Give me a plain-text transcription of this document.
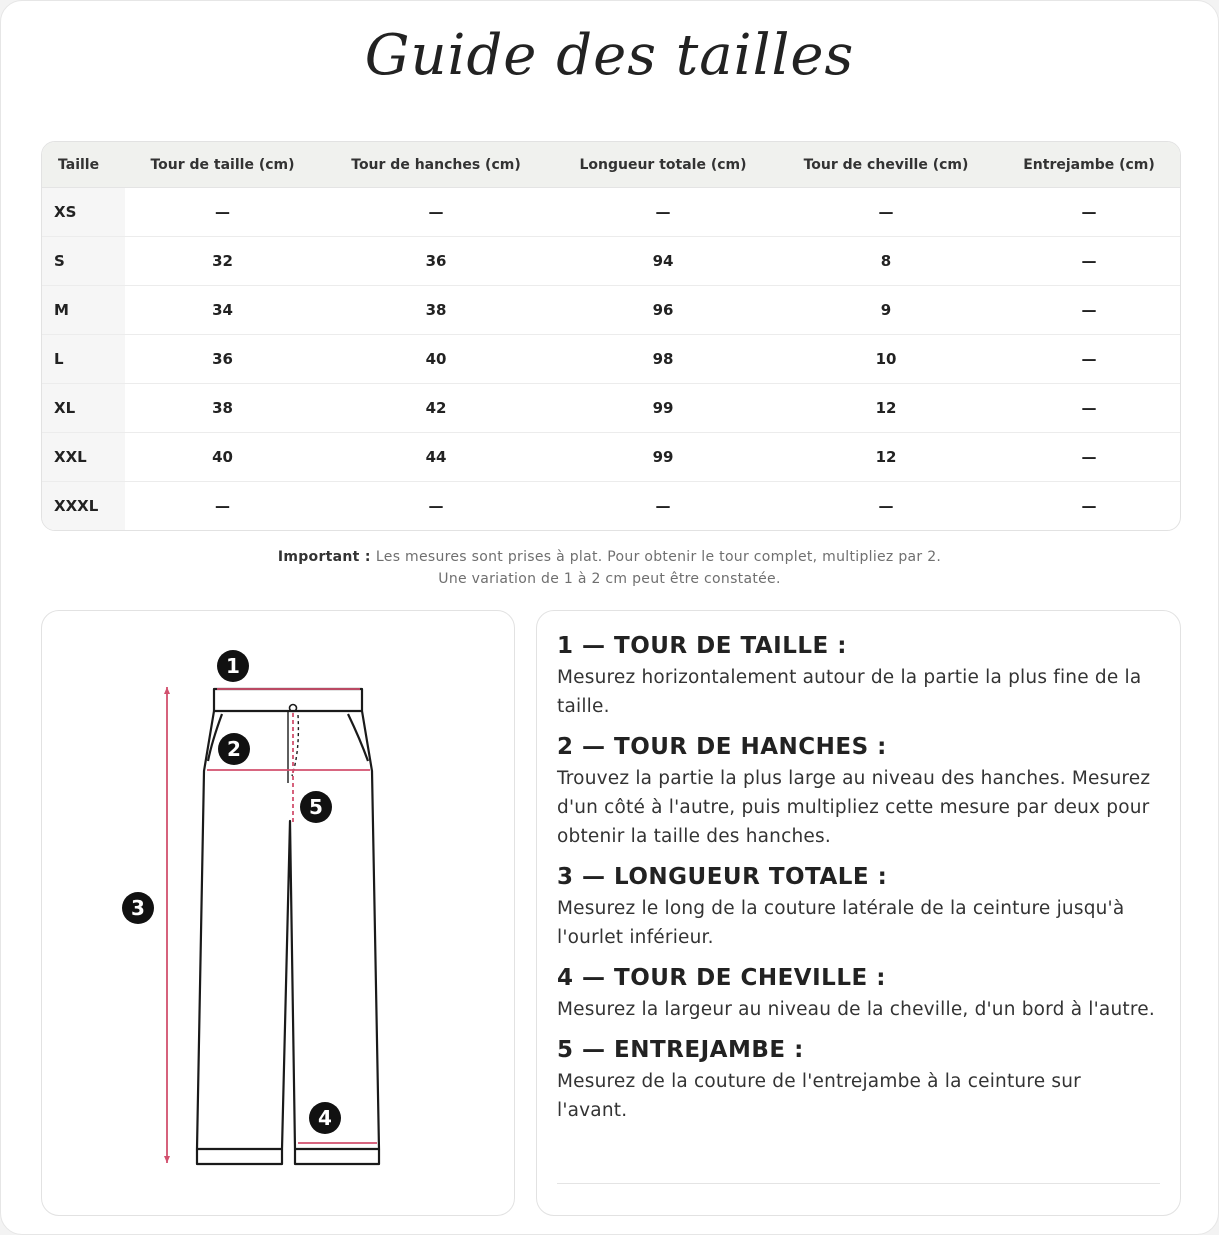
Guide des tailles
Taille	Tour de taille (cm)	Tour de hanches (cm)	Longueur totale (cm)	Tour de cheville (cm)	Entrejambe (cm)
XS	—	—	—	—	—
S	32	36	94	8	—
M	34	38	96	9	—
L	36	40	98	10	—
XL	38	42	99	12	—
XXL	40	44	99	12	—
XXXL	—	—	—	—	—
Important : Les mesures sont prises à plat. Pour obtenir le tour complet, multipliez par 2.
Une variation de 1 à 2 cm peut être constatée.
1
2
3
4
5
1 — TOUR DE TAILLE :

Mesurez horizontalement autour de la partie la plus fine de la taille.

2 — TOUR DE HANCHES :

Trouvez la partie la plus large au niveau des hanches. Mesurez d'un côté à l'autre, puis multipliez cette mesure par deux pour obtenir la taille des hanches.

3 — LONGUEUR TOTALE :

Mesurez le long de la couture latérale de la ceinture jusqu'à l'ourlet inférieur.

4 — TOUR DE CHEVILLE :

Mesurez la largeur au niveau de la cheville, d'un bord à l'autre.

5 — ENTREJAMBE :

Mesurez de la couture de l'entrejambe à la ceinture sur l'avant.
